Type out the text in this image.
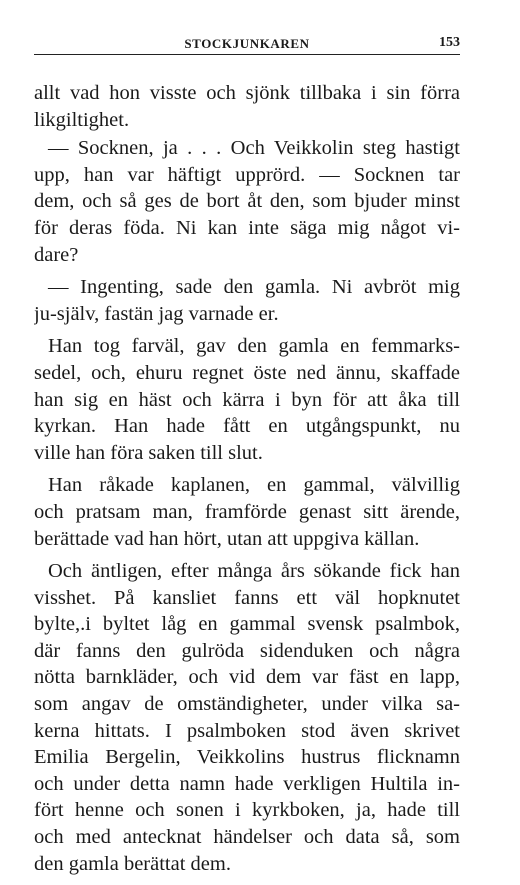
STOCKJUNKAREN	153
allt vad hon visste och sjönk tillbaka i sin förra
likgiltighet.
— Socknen, ja . . . Och Veikkolin steg hastigt
upp, han var häftigt upprörd. — Socknen tar
dem, och så ges de bort åt den, som bjuder minst
för deras föda. Ni kan inte säga mig något vi-
dare?
— Ingenting, sade den gamla. Ni avbröt mig
ju-själv, fastän jag varnade er.
Han tog farväl, gav den gamla en femmarks-
sedel, och, ehuru regnet öste ned ännu, skaffade
han sig en häst och kärra i byn för att åka till
kyrkan. Han hade fått en utgångspunkt, nu
ville han föra saken till slut.
Han råkade kaplanen, en gammal, välvillig
och pratsam man, framförde genast sitt ärende,
berättade vad han hört, utan att uppgiva källan.
Och äntligen, efter många års sökande fick han
visshet. På kansliet fanns ett väl hopknutet
bylte,.i byltet låg en gammal svensk psalmbok,
där fanns den gulröda sidenduken och några
nötta barnkläder, och vid dem var fäst en lapp,
som angav de omständigheter, under vilka sa-
kerna hittats. I psalmboken stod även skrivet
Emilia Bergelin, Veikkolins hustrus flicknamn
och under detta namn hade verkligen Hultila in-
fört henne och sonen i kyrkboken, ja, hade till
och med antecknat händelser och data så, som
den gamla berättat dem.
